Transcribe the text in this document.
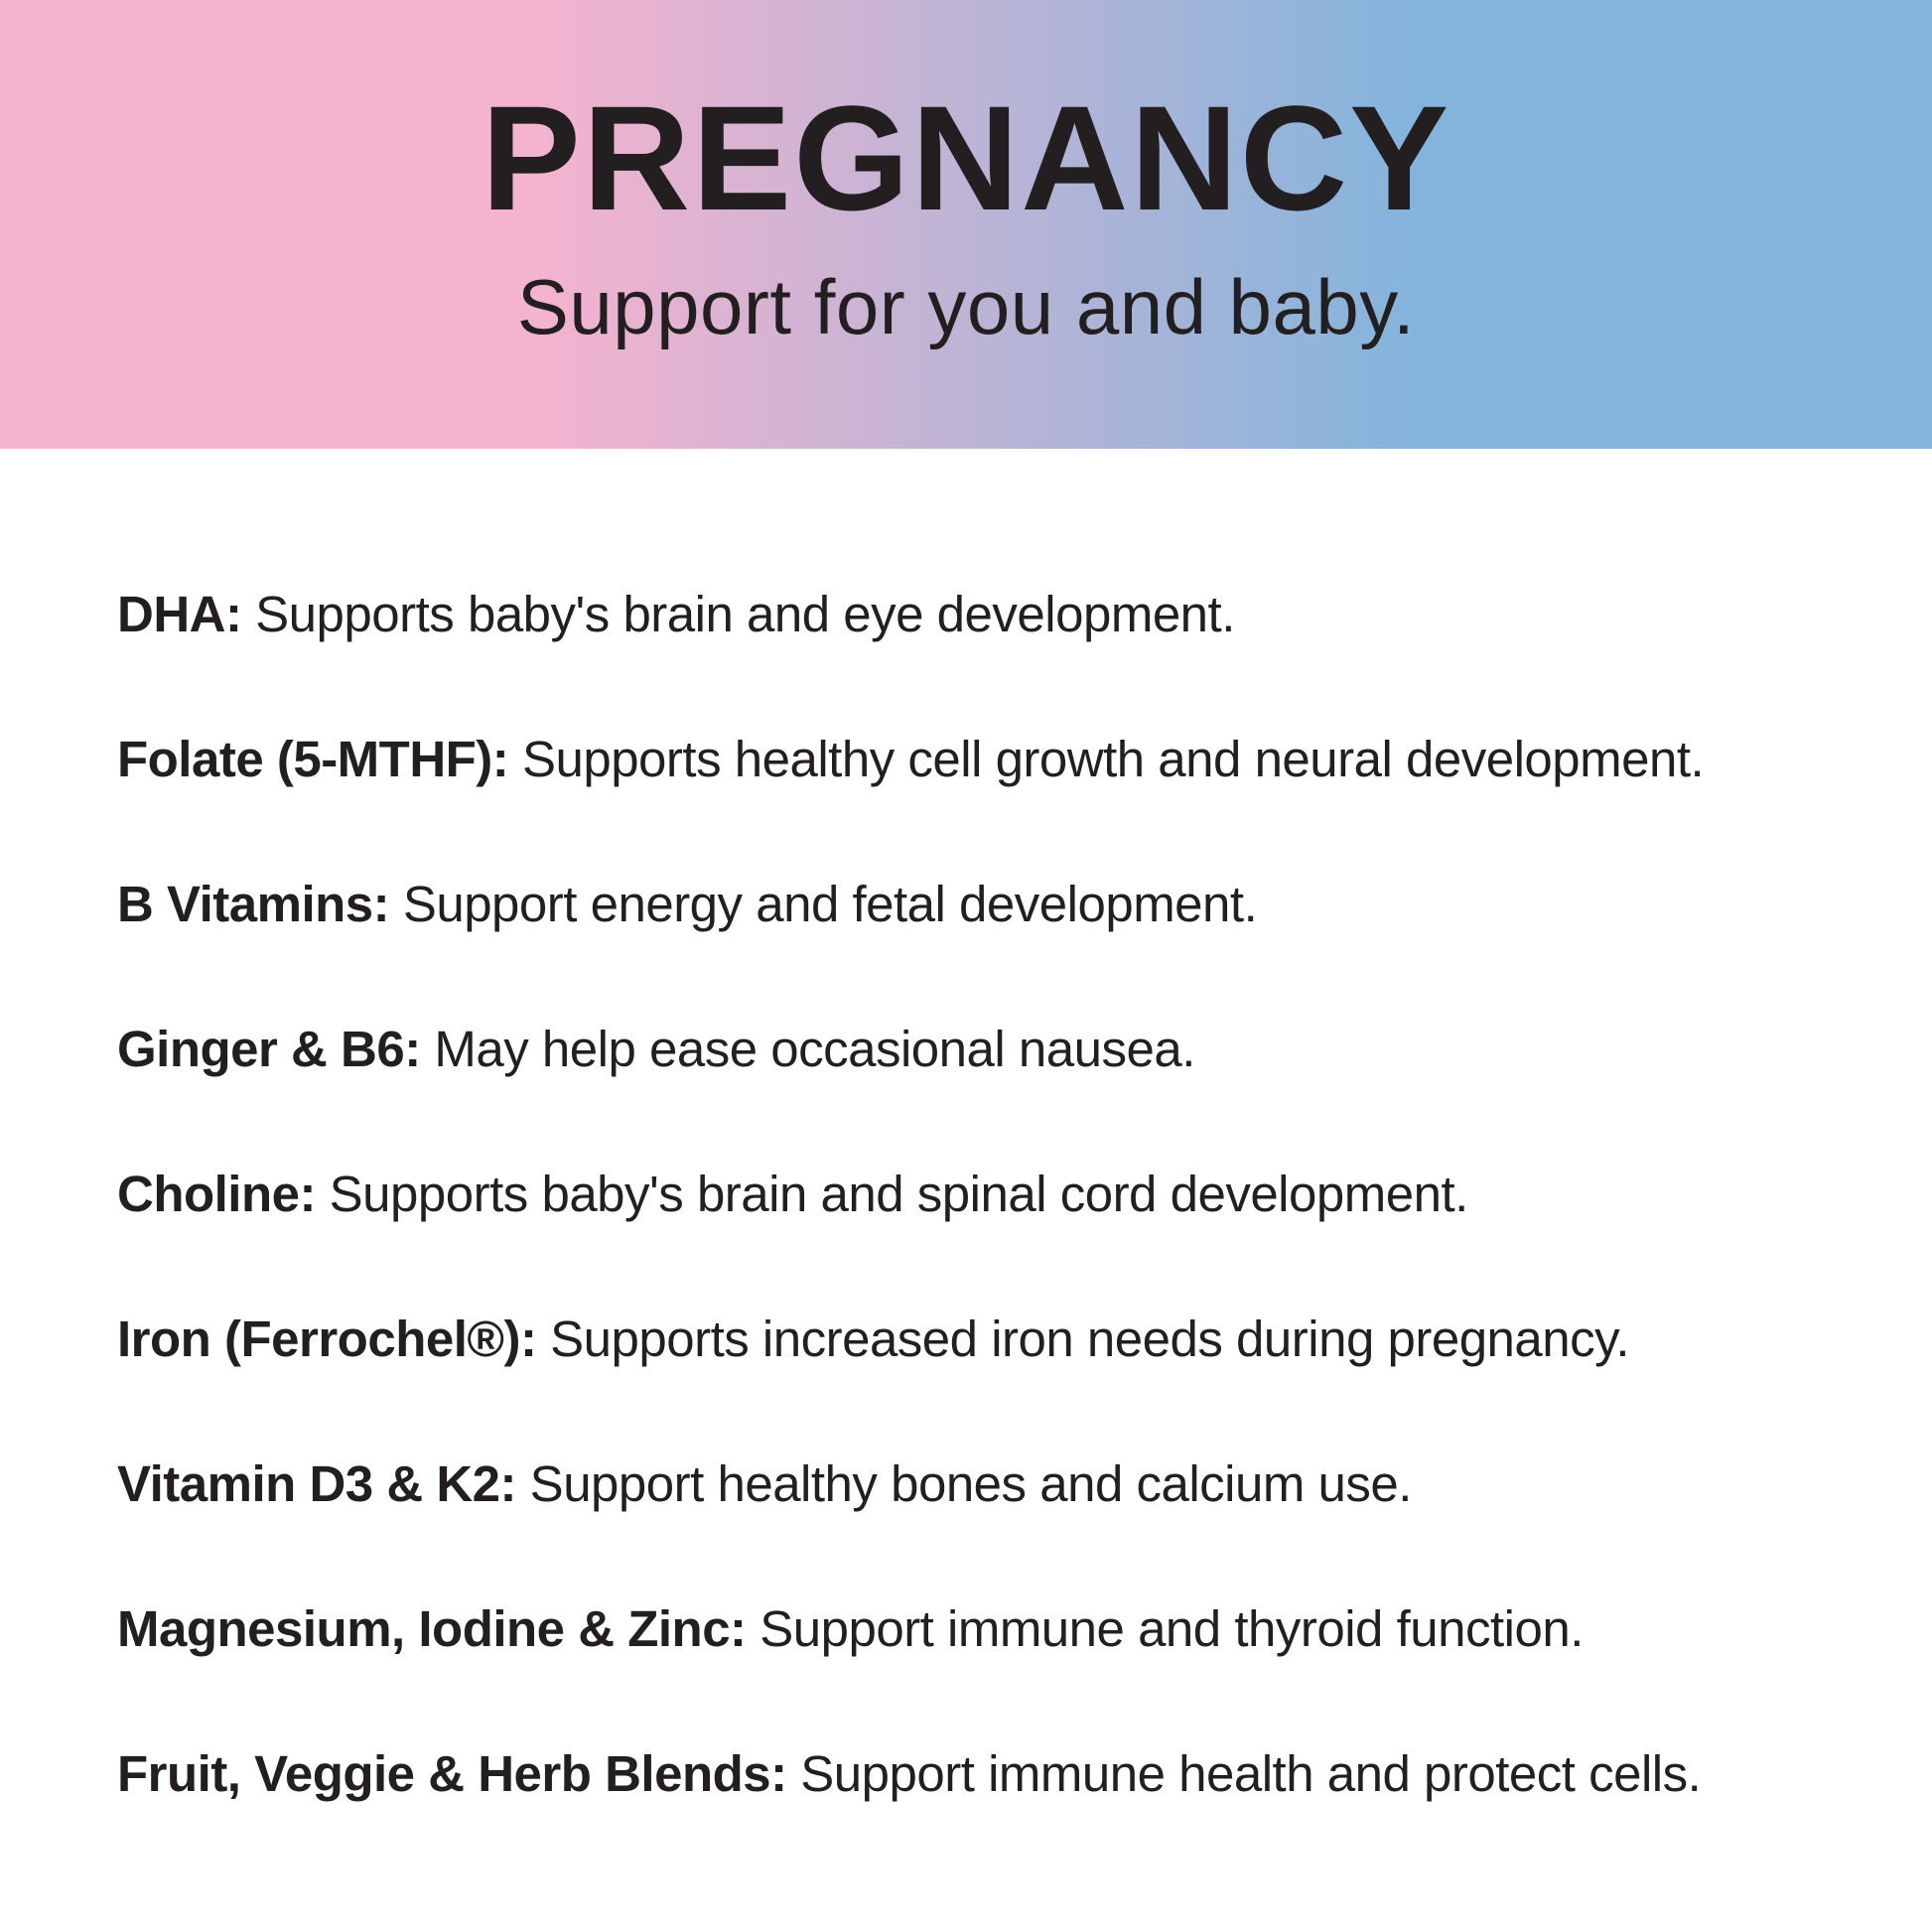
PREGNANCY
Support for you and baby.
DHA: Supports baby's brain and eye development.
Folate (5-MTHF): Supports healthy cell growth and neural development.
B Vitamins: Support energy and fetal development.
Ginger & B6: May help ease occasional nausea.
Choline: Supports baby's brain and spinal cord development.
Iron (Ferrochel®): Supports increased iron needs during pregnancy.
Vitamin D3 & K2: Support healthy bones and calcium use.
Magnesium, Iodine & Zinc: Support immune and thyroid function.
Fruit, Veggie & Herb Blends: Support immune health and protect cells.
